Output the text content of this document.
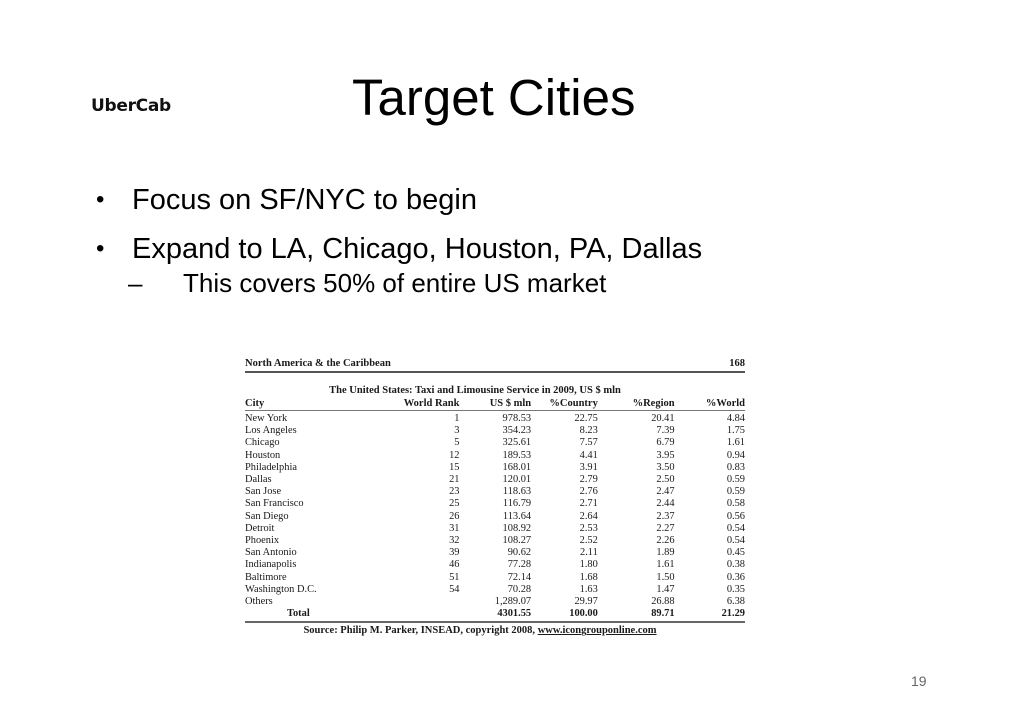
UberCab	Target Cities
• Focus on SF/NYC to begin
• Expand to LA, Chicago, Houston, PA, Dallas
– This covers 50% of entire US market
North America & the Caribbean	168
The United States: Taxi and Limousine Service in 2009, US $ mln
City	World Rank	US $ mln	%Country	%Region	%World
New York	1	978.53	22.75	20.41	4.84
Los Angeles	3	354.23	8.23	7.39	1.75
Chicago	5	325.61	7.57	6.79	1.61
Houston	12	189.53	4.41	3.95	0.94
Philadelphia	15	168.01	3.91	3.50	0.83
Dallas	21	120.01	2.79	2.50	0.59
San Jose	23	118.63	2.76	2.47	0.59
San Francisco	25	116.79	2.71	2.44	0.58
San Diego	26	113.64	2.64	2.37	0.56
Detroit	31	108.92	2.53	2.27	0.54
Phoenix	32	108.27	2.52	2.26	0.54
San Antonio	39	90.62	2.11	1.89	0.45
Indianapolis	46	77.28	1.80	1.61	0.38
Baltimore	51	72.14	1.68	1.50	0.36
Washington D.C.	54	70.28	1.63	1.47	0.35
Others		1,289.07	29.97	26.88	6.38
Total		4301.55	100.00	89.71	21.29
Source: Philip M. Parker, INSEAD, copyright 2008, www.icongrouponline.com
19
